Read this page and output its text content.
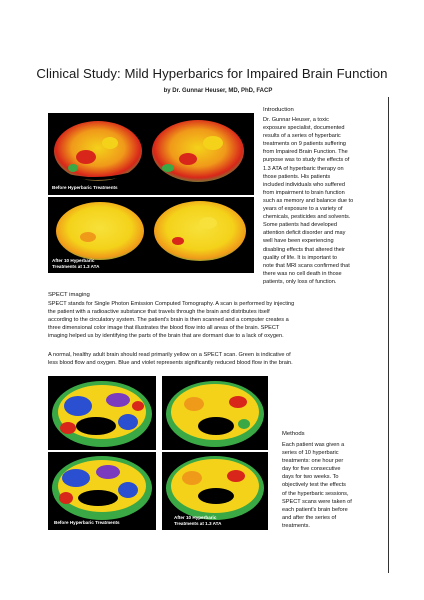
Clinical Study: Mild Hyperbarics for Impaired Brain Function
by Dr. Gunnar Heuser, MD, PhD, FACP
Before Hyperbaric Treatments
After 10 Hyperbaric
Treatments at 1.3 ATA
Introduction
Dr. Gunnar Heuser, a toxic
exposure specialist, documented
results of a series of hyperbaric
treatments on 9 patients suffering
from Impaired Brain Function. The
purpose was to study the effects of
1.3 ATA of hyperbaric therapy on
those patients. His patients
included individuals who suffered
from impairment to brain function
such as memory and balance due to
years of exposure to a variety of
chemicals, pesticides and solvents.
Some patients had developed
attention deficit disorder and may
well have been experiencing
disabling effects that altered their
quality of life. It is important to
note that MRI scans confirmed that
there was no cell death in those
patients, only loss of function.
SPECT imaging
SPECT stands for Single Photon Emission Computed Tomography. A scan is performed by injecting
the patient with a radioactive substance that travels through the brain and distributes itself
according to the circulatory system. The patient's brain is then scanned and a computer creates a
three dimensional color image that illustrates the blood flow into all areas of the brain. SPECT
imaging helped us by identifying the parts of the brain that are dormant due to a lack of oxygen.
A normal, healthy adult brain should read primarily yellow on a SPECT scan. Green is indicative of
less blood flow and oxygen. Blue and violet represents significantly reduced blood flow in the brain.
Before Hyperbaric Treatments
After 10 Hyperbaric
Treatments at 1.3 ATA
Methods
Each patient was given a
series of 10 hyperbaric
treatments: one hour per
day for five consecutive
days for two weeks. To
objectively test the effects
of the hyperbaric sessions,
SPECT scans were taken of
each patient's brain before
and after the series of
treatments.
